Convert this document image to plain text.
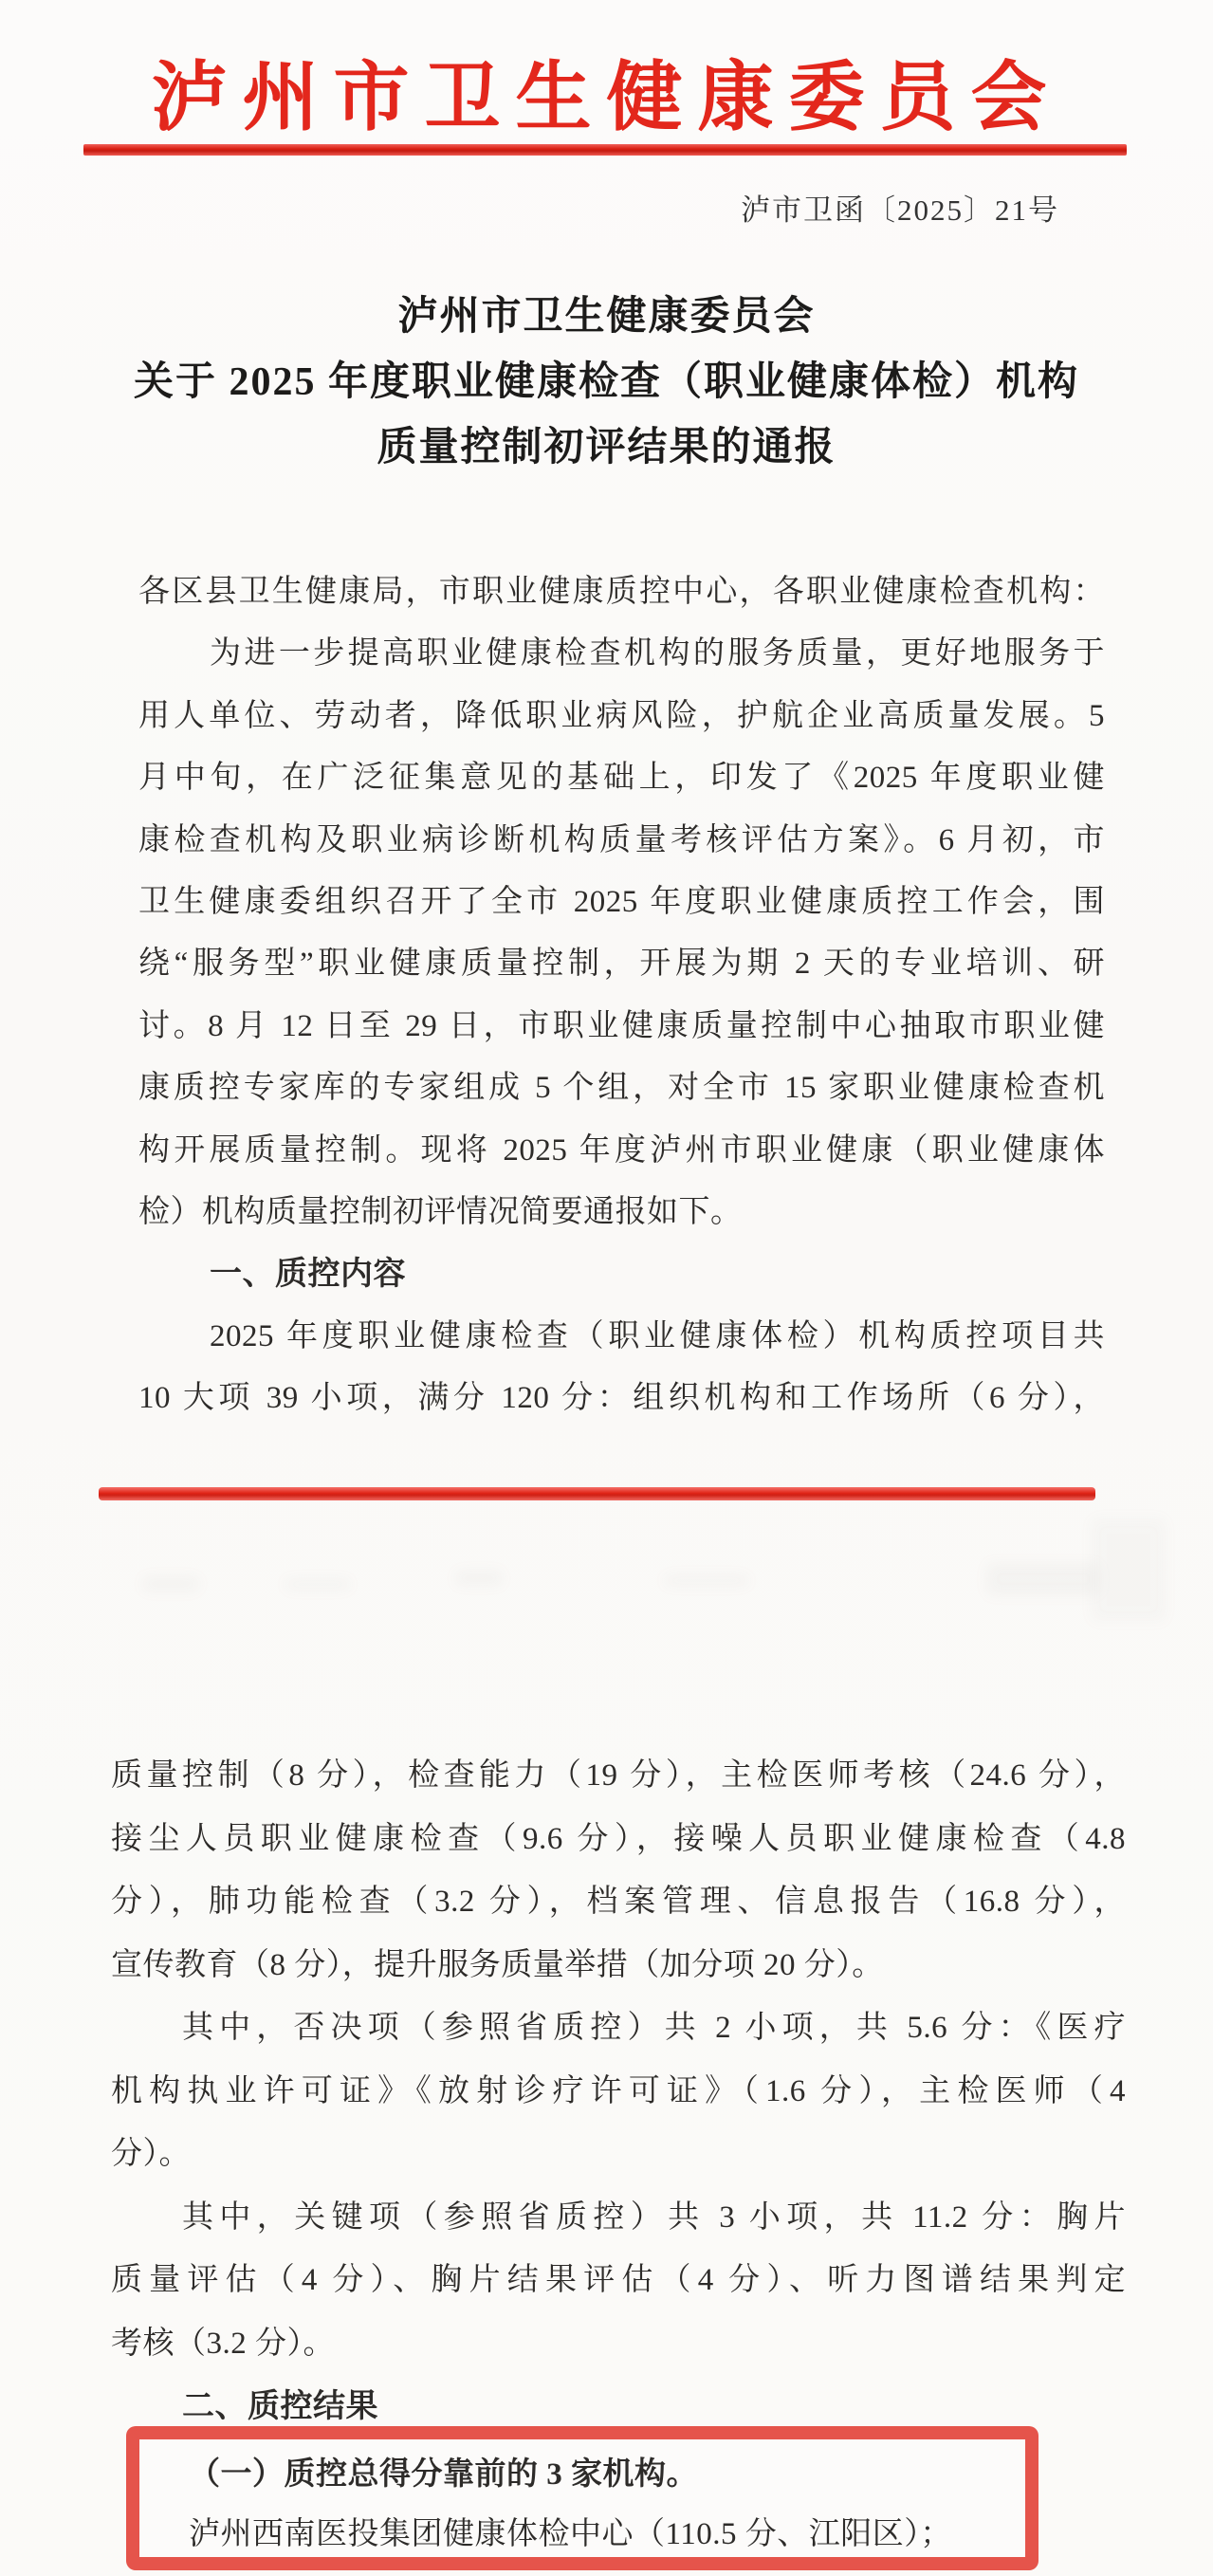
泸州市卫生健康委员会
泸市卫函〔2025〕21号
泸州市卫生健康委员会
关于 2025 年度职业健康检查（职业健康体检）机构
质量控制初评结果的通报
各区县卫生健康局，市职业健康质控中心，各职业健康检查机构：
为进一步提高职业健康检查机构的服务质量，更好地服务于
用人单位、劳动者，降低职业病风险，护航企业高质量发展。5
月中旬，在广泛征集意见的基础上，印发了《2025 年度职业健
康检查机构及职业病诊断机构质量考核评估方案》。6 月初，市
卫生健康委组织召开了全市 2025 年度职业健康质控工作会，围
绕“服务型”职业健康质量控制，开展为期 2 天的专业培训、研
讨。8 月 12 日至 29 日，市职业健康质量控制中心抽取市职业健
康质控专家库的专家组成 5 个组，对全市 15 家职业健康检查机
构开展质量控制。现将 2025 年度泸州市职业健康（职业健康体
检）机构质量控制初评情况简要通报如下。
一、质控内容
2025 年度职业健康检查（职业健康体检）机构质控项目共
10 大项 39 小项，满分 120 分：组织机构和工作场所（6 分），
质量控制（8 分），检查能力（19 分），主检医师考核（24.6 分），
接尘人员职业健康检查（9.6 分），接噪人员职业健康检查（4.8
分），肺功能检查（3.2 分），档案管理、信息报告（16.8 分），
宣传教育（8 分），提升服务质量举措（加分项 20 分）。
其中，否决项（参照省质控）共 2 小项，共 5.6 分：《医疗
机构执业许可证》《放射诊疗许可证》（1.6 分），主检医师（4
分）。
其中，关键项（参照省质控）共 3 小项，共 11.2 分：胸片
质量评估（4 分）、胸片结果评估（4 分）、听力图谱结果判定
考核（3.2 分）。
二、质控结果
（一）质控总得分靠前的 3 家机构。
泸州西南医投集团健康体检中心（110.5 分、江阳区）；
